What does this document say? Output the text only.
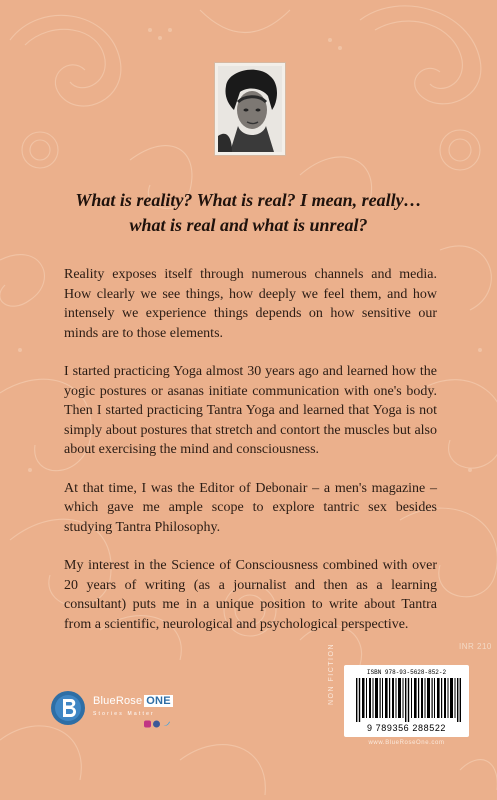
What is reality? What is real? I mean, really…
what is real and what is unreal?

Reality exposes itself through numerous channels and media. How clearly we see things, how deeply we feel them, and how intensely we experience things depends on how sensitive our minds are to those elements.

I started practicing Yoga almost 30 years ago and learned how the yogic postures or asanas initiate communication with one's body. Then I started practicing Tantra Yoga and learned that Yoga is not simply about postures that stretch and contort the muscles but also about exercising the mind and consciousness.

At that time, I was the Editor of Debonair – a men's magazine – which gave me ample scope to explore tantric sex besides studying Tantra Philosophy.

My interest in the Science of Consciousness combined with over 20 years of writing (as a journalist and then as a learning consultant) puts me in a unique position to write about Tantra from a scientific, neurological and psychological perspective.

BlueRose ONE
Stories Matter
INR 210
NON FICTION	ISBN 978-93-5628-852-2
9 789356 288522
www.BlueRoseOne.com
